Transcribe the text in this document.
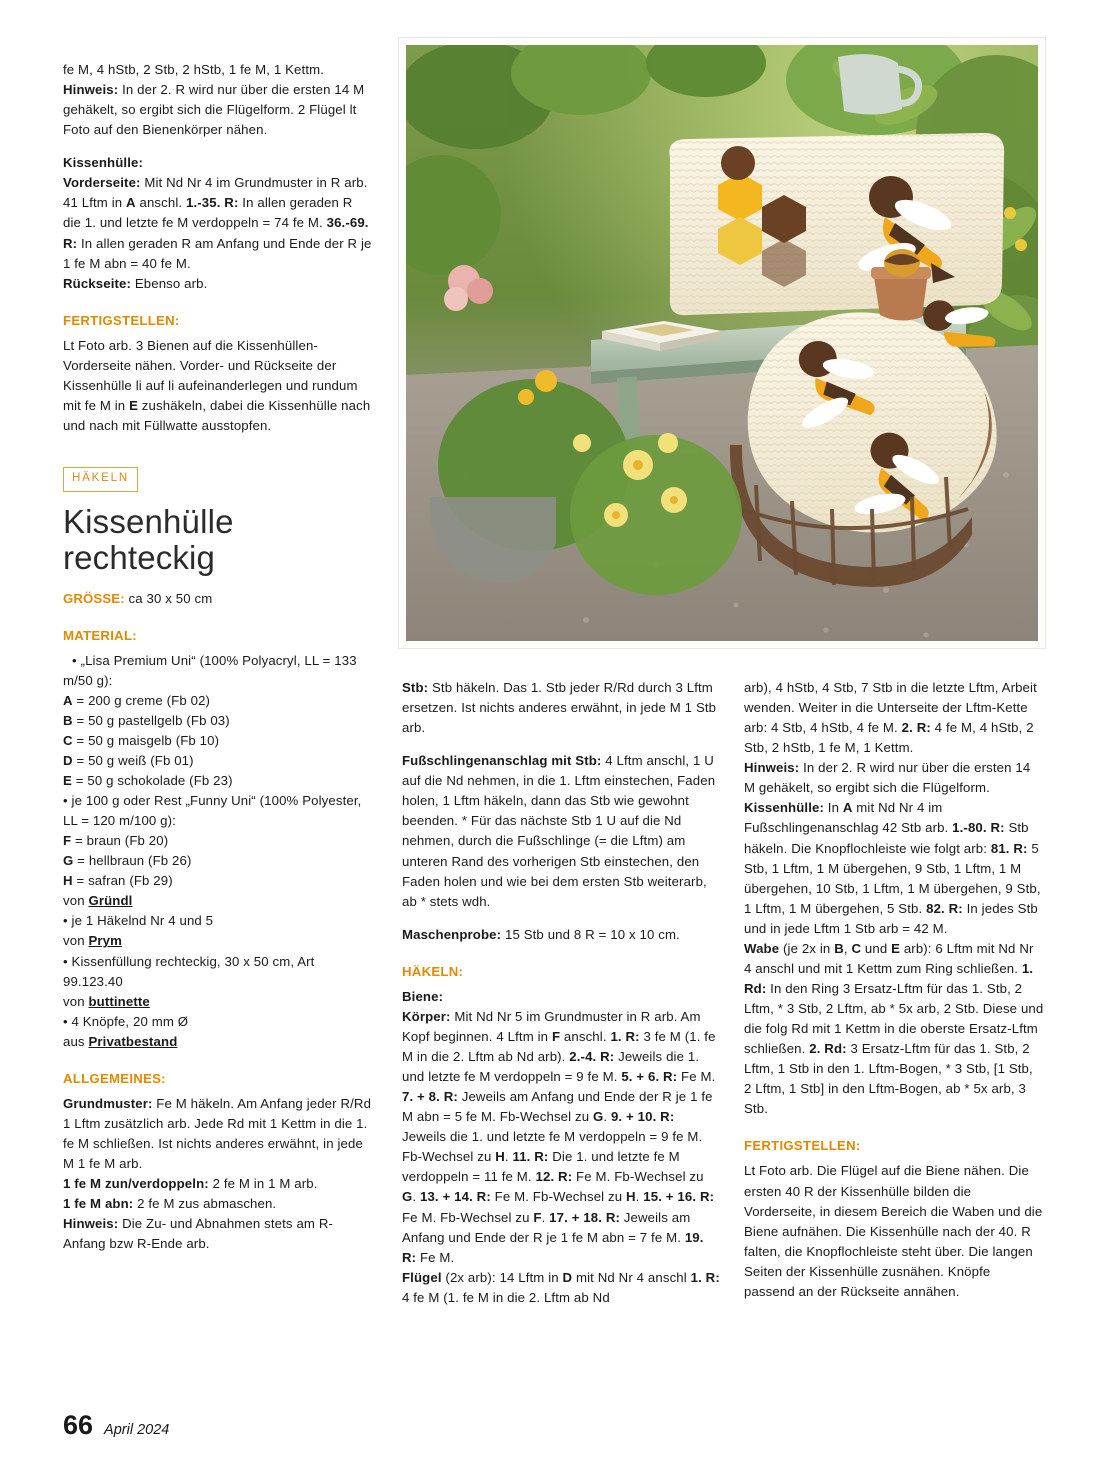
fe M, 4 hStb, 2 Stb, 2 hStb, 1 fe M, 1 Kettm.

Hinweis: In der 2. R wird nur über die ersten 14 M gehäkelt, so ergibt sich die Flügelform. 2 Flügel lt Foto auf den Bienenkörper nähen.

Kissenhülle:

Vorderseite: Mit Nd Nr 4 im Grundmuster in R arb. 41 Lftm in A anschl. 1.-35. R: In allen geraden R die 1. und letzte fe M verdoppeln = 74 fe M. 36.-69. R: In allen geraden R am Anfang und Ende der R je 1 fe M abn = 40 fe M.

Rückseite: Ebenso arb.

FERTIGSTELLEN:

Lt Foto arb. 3 Bienen auf die Kissenhüllen-Vorderseite nähen. Vorder- und Rückseite der Kissenhülle li auf li aufeinanderlegen und rundum mit fe M in E zushäkeln, dabei die Kissenhülle nach und nach mit Füllwatte ausstopfen.

HÄKELN
Kissenhülle
rechteckig

GRÖSSE: ca 30 x 50 cm

MATERIAL:

• „Lisa Premium Uni“ (100% Polyacryl, LL = 133 m/50 g):

A = 200 g creme (Fb 02)

B = 50 g pastellgelb (Fb 03)

C = 50 g maisgelb (Fb 10)

D = 50 g weiß (Fb 01)

E = 50 g schokolade (Fb 23)

• je 100 g oder Rest „Funny Uni“ (100% Polyester, LL = 120 m/100 g):

F = braun (Fb 20)

G = hellbraun (Fb 26)

H = safran (Fb 29)

von Gründl

• je 1 Häkelnd Nr 4 und 5

von Prym

• Kissenfüllung rechteckig, 30 x 50 cm, Art 99.123.40

von buttinette

• 4 Knöpfe, 20 mm Ø

aus Privatbestand

ALLGEMEINES:

Grundmuster: Fe M häkeln. Am Anfang jeder R/Rd 1 Lftm zusätzlich arb. Jede Rd mit 1 Kettm in die 1. fe M schließen. Ist nichts anderes erwähnt, in jede M 1 fe M arb.

1 fe M zun/verdoppeln: 2 fe M in 1 M arb.

1 fe M abn: 2 fe M zus abmaschen.

Hinweis: Die Zu- und Abnahmen stets am R-Anfang bzw R-Ende arb.

Stb: Stb häkeln. Das 1. Stb jeder R/Rd durch 3 Lftm ersetzen. Ist nichts anderes erwähnt, in jede M 1 Stb arb.

Fußschlingenanschlag mit Stb: 4 Lftm anschl, 1 U auf die Nd nehmen, in die 1. Lftm einstechen, Faden holen, 1 Lftm häkeln, dann das Stb wie gewohnt beenden. * Für das nächste Stb 1 U auf die Nd nehmen, durch die Fußschlinge (= die Lftm) am unteren Rand des vorherigen Stb einstechen, den Faden holen und wie bei dem ersten Stb weiterarb, ab * stets wdh.

Maschenprobe: 15 Stb und 8 R = 10 x 10 cm.

HÄKELN:

Biene:

Körper: Mit Nd Nr 5 im Grundmuster in R arb. Am Kopf beginnen. 4 Lftm in F anschl. 1. R: 3 fe M (1. fe M in die 2. Lftm ab Nd arb). 2.-4. R: Jeweils die 1. und letzte fe M verdoppeln = 9 fe M. 5. + 6. R: Fe M. 7. + 8. R: Jeweils am Anfang und Ende der R je 1 fe M abn = 5 fe M. Fb-Wechsel zu G. 9. + 10. R: Jeweils die 1. und letzte fe M verdoppeln = 9 fe M. Fb-Wechsel zu H. 11. R: Die 1. und letzte fe M verdoppeln = 11 fe M. 12. R: Fe M. Fb-Wechsel zu G. 13. + 14. R: Fe M. Fb-Wechsel zu H. 15. + 16. R: Fe M. Fb-Wechsel zu F. 17. + 18. R: Jeweils am Anfang und Ende der R je 1 fe M abn = 7 fe M. 19. R: Fe M.

Flügel (2x arb): 14 Lftm in D mit Nd Nr 4 anschl 1. R: 4 fe M (1. fe M in die 2. Lftm ab Nd

arb), 4 hStb, 4 Stb, 7 Stb in die letzte Lftm, Arbeit wenden. Weiter in die Unterseite der Lftm-Kette arb: 4 Stb, 4 hStb, 4 fe M. 2. R: 4 fe M, 4 hStb, 2 Stb, 2 hStb, 1 fe M, 1 Kettm.

Hinweis: In der 2. R wird nur über die ersten 14 M gehäkelt, so ergibt sich die Flügelform.

Kissenhülle: In A mit Nd Nr 4 im Fußschlingenanschlag 42 Stb arb. 1.-80. R: Stb häkeln. Die Knopflochleiste wie folgt arb: 81. R: 5 Stb, 1 Lftm, 1 M übergehen, 9 Stb, 1 Lftm, 1 M übergehen, 10 Stb, 1 Lftm, 1 M übergehen, 9 Stb, 1 Lftm, 1 M übergehen, 5 Stb. 82. R: In jedes Stb und in jede Lftm 1 Stb arb = 42 M.

Wabe (je 2x in B, C und E arb): 6 Lftm mit Nd Nr 4 anschl und mit 1 Kettm zum Ring schließen. 1. Rd: In den Ring 3 Ersatz-Lftm für das 1. Stb, 2 Lftm, * 3 Stb, 2 Lftm, ab * 5x arb, 2 Stb. Diese und die folg Rd mit 1 Kettm in die oberste Ersatz-Lftm schließen. 2. Rd: 3 Ersatz-Lftm für das 1. Stb, 2 Lftm, 1 Stb in den 1. Lftm-Bogen, * 3 Stb, [1 Stb, 2 Lftm, 1 Stb] in den Lftm-Bogen, ab * 5x arb, 3 Stb.

FERTIGSTELLEN:

Lt Foto arb. Die Flügel auf die Biene nähen. Die ersten 40 R der Kissenhülle bilden die Vorderseite, in diesem Bereich die Waben und die Biene aufnähen. Die Kissenhülle nach der 40. R falten, die Knopflochleiste steht über. Die langen Seiten der Kissenhülle zusnähen. Knöpfe passend an der Rückseite annähen.

66 April 2024
